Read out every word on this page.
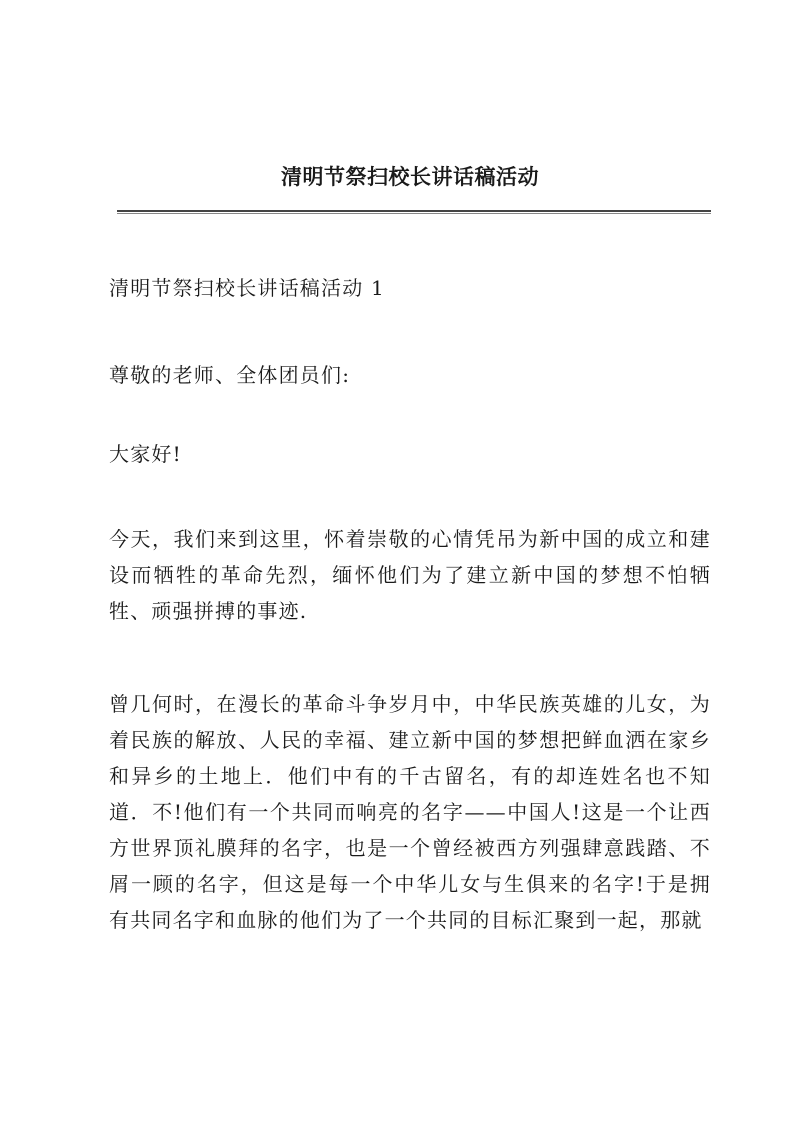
清明节祭扫校长讲话稿活动

清明节祭扫校长讲话稿活动 1

尊敬的老师、全体团员们:

大家好!

今天，我们来到这里，怀着崇敬的心情凭吊为新中国的成立和建设而牺牲的革命先烈，缅怀他们为了建立新中国的梦想不怕牺牲、顽强拼搏的事迹.

曾几何时，在漫长的革命斗争岁月中，中华民族英雄的儿女，为着民族的解放、人民的幸福、建立新中国的梦想把鲜血洒在家乡和异乡的土地上．他们中有的千古留名，有的却连姓名也不知道．不!他们有一个共同而响亮的名字——中国人!这是一个让西方世界顶礼膜拜的名字，也是一个曾经被西方列强肆意践踏、不屑一顾的名字，但这是每一个中华儿女与生俱来的名字!于是拥有共同名字和血脉的他们为了一个共同的目标汇聚到一起，那就
